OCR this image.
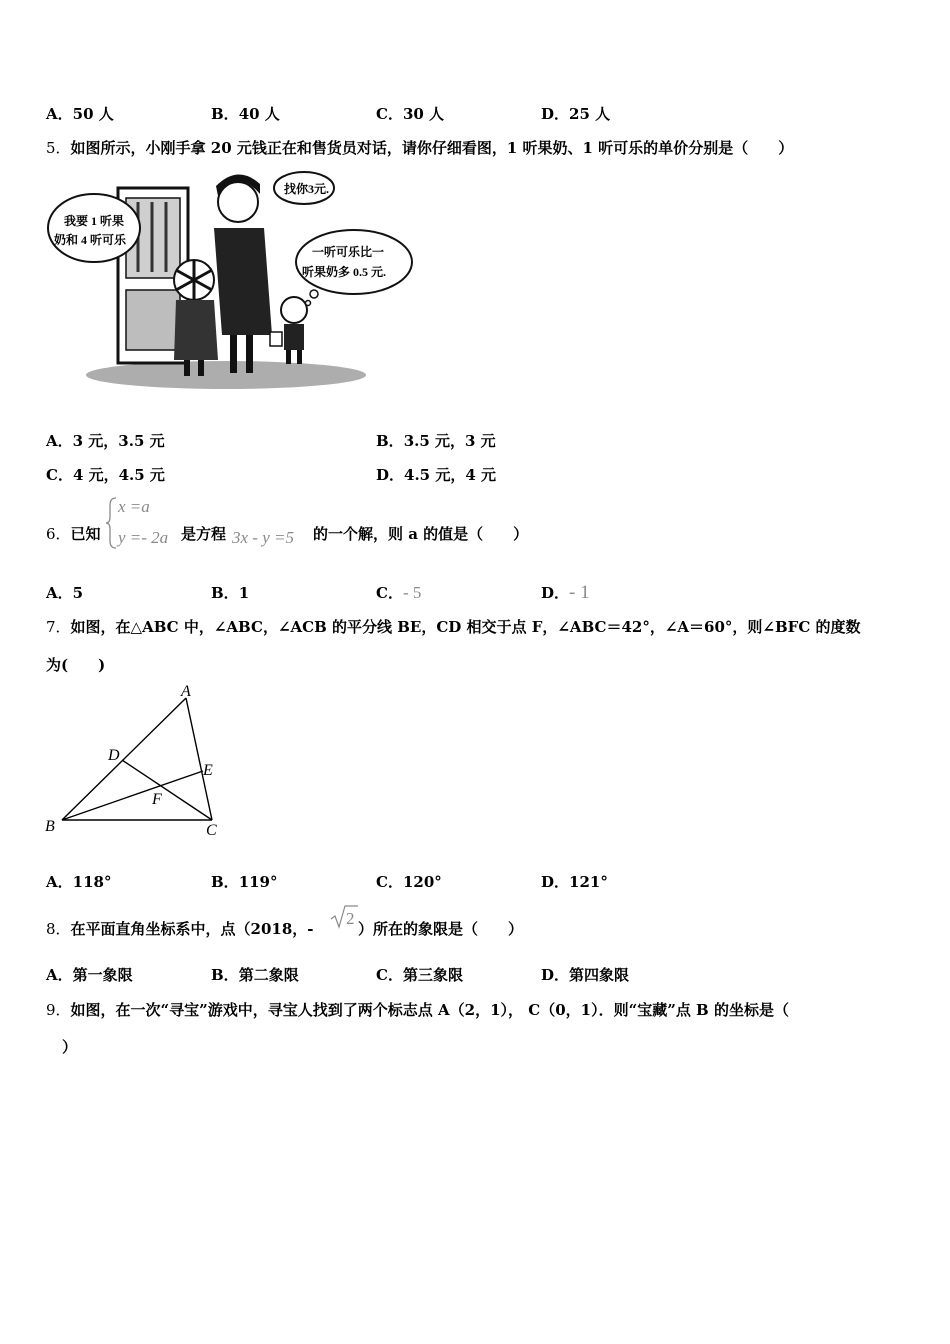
A．50 人	B．40 人	C．30 人	D．25 人
5．如图所示，小刚手拿 20 元钱正在和售货员对话，请你仔细看图，1 听果奶、1 听可乐的单价分别是（　　）
我要 1 听果
奶和 4 听可乐
找你3元.
一听可乐比一
听果奶多 0.5 元.
A．3 元，3.5 元	B．3.5 元，3 元
C．4 元，4.5 元	D．4.5 元，4 元
6．已知
x =a
y =- 2a 是方程 3x - y =5 的一个解，则 a 的值是（　　）
A．5	B．1	C．- 5	D．- 1
7．如图，在△ABC 中，∠ABC，∠ACB 的平分线 BE，CD 相交于点 F，∠ABC＝42°，∠A＝60°，则∠BFC 的度数
为(　　)
A
B	C
D
E
F
A．118°	B．119°	C．120°	D．121°
8．在平面直角坐标系中，点（2018，-
2
）所在的象限是（　　）
A．第一象限	B．第二象限	C．第三象限	D．第四象限
9．如图，在一次“寻宝”游戏中，寻宝人找到了两个标志点 A（2，1）， C（0，1）．则“宝藏”点 B 的坐标是（
）
